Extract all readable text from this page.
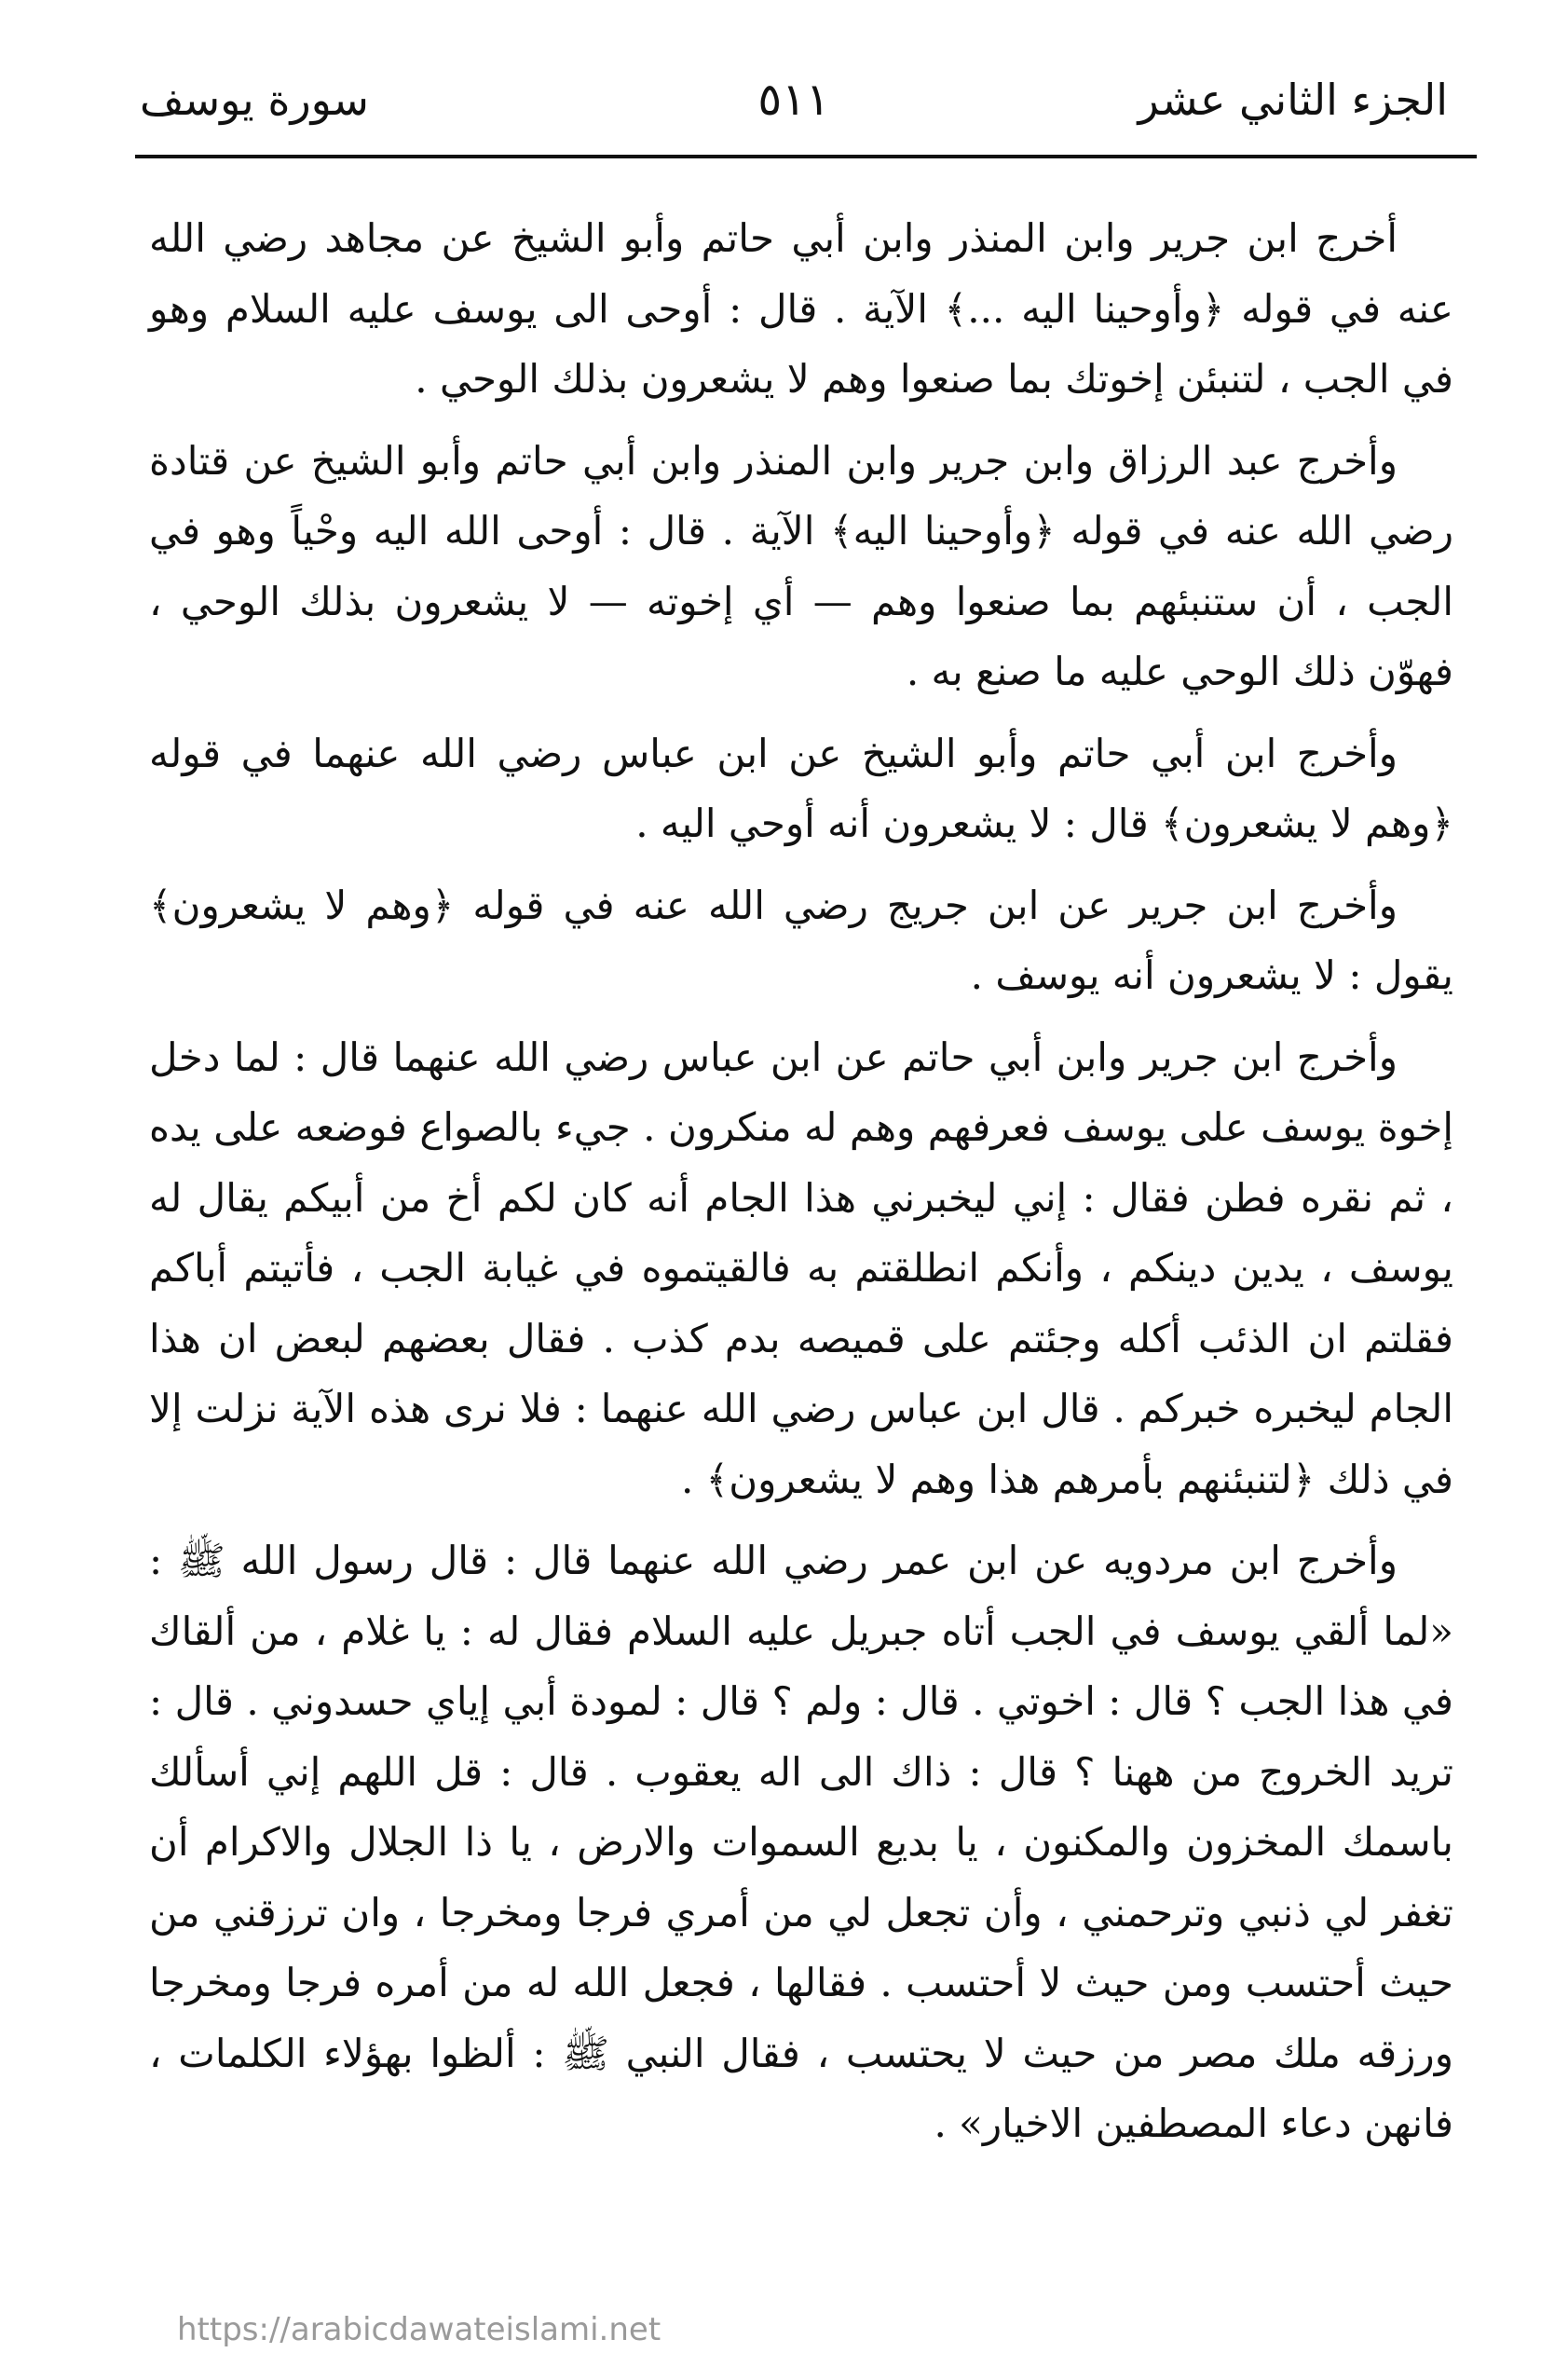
الجزء الثاني عشر
٥١١
سورة يوسف

أخرج ابن جرير وابن المنذر وابن أبي حاتم وأبو الشيخ عن مجاهد رضي الله عنه في قوله ﴿وأوحينا اليه ...﴾ الآية . قال : أوحى الى يوسف عليه السلام وهو في الجب ، لتنبئن إخوتك بما صنعوا وهم لا يشعرون بذلك الوحي .

وأخرج عبد الرزاق وابن جرير وابن المنذر وابن أبي حاتم وأبو الشيخ عن قتادة رضي الله عنه في قوله ﴿وأوحينا اليه﴾ الآية . قال : أوحى الله اليه وحْياً وهو في الجب ، أن ستنبئهم بما صنعوا وهم — أي إخوته — لا يشعرون بذلك الوحي ، فهوّن ذلك الوحي عليه ما صنع به .

وأخرج ابن أبي حاتم وأبو الشيخ عن ابن عباس رضي الله عنهما في قوله ﴿وهم لا يشعرون﴾ قال : لا يشعرون أنه أوحي اليه .

وأخرج ابن جرير عن ابن جريج رضي الله عنه في قوله ﴿وهم لا يشعرون﴾ يقول : لا يشعرون أنه يوسف .

وأخرج ابن جرير وابن أبي حاتم عن ابن عباس رضي الله عنهما قال : لما دخل إخوة يوسف على يوسف فعرفهم وهم له منكرون . جيء بالصواع فوضعه على يده ، ثم نقره فطن فقال : إني ليخبرني هذا الجام أنه كان لكم أخ من أبيكم يقال له يوسف ، يدين دينكم ، وأنكم انطلقتم به فالقيتموه في غيابة الجب ، فأتيتم أباكم فقلتم ان الذئب أكله وجئتم على قميصه بدم كذب . فقال بعضهم لبعض ان هذا الجام ليخبره خبركم . قال ابن عباس رضي الله عنهما : فلا نرى هذه الآية نزلت إلا في ذلك ﴿لتنبئنهم بأمرهم هذا وهم لا يشعرون﴾ .

وأخرج ابن مردويه عن ابن عمر رضي الله عنهما قال : قال رسول الله ﷺ : «لما ألقي يوسف في الجب أتاه جبريل عليه السلام فقال له : يا غلام ، من ألقاك في هذا الجب ؟ قال : اخوتي . قال : ولم ؟ قال : لمودة أبي إياي حسدوني . قال : تريد الخروج من ههنا ؟ قال : ذاك الى اله يعقوب . قال : قل اللهم إني أسألك باسمك المخزون والمكنون ، يا بديع السموات والارض ، يا ذا الجلال والاكرام أن تغفر لي ذنبي وترحمني ، وأن تجعل لي من أمري فرجا ومخرجا ، وان ترزقني من حيث أحتسب ومن حيث لا أحتسب . فقالها ، فجعل الله له من أمره فرجا ومخرجا ورزقه ملك مصر من حيث لا يحتسب ، فقال النبي ﷺ : ألظوا بهؤلاء الكلمات ، فانهن دعاء المصطفين الاخيار» .

https://arabicdawateislami.net
